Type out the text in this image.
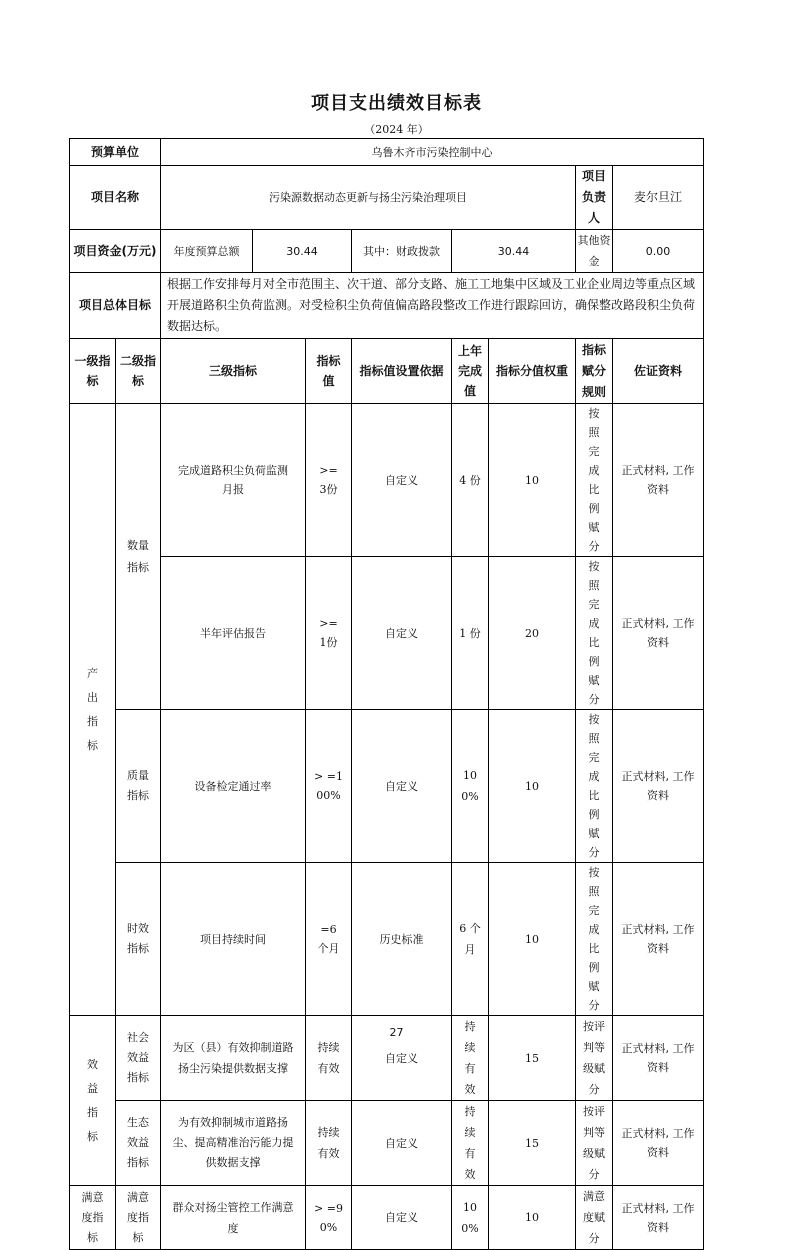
项目支出绩效目标表
（2024 年）
预算单位		乌鲁木齐市污染控制中心							
项目名称		污染源数据动态更新与扬尘污染治理项目						项目负责人	麦尔旦江
项目资金(万元)		年度预算总额	30.44		其中：财政拨款	30.44		其他资金	0.00
项目总体目标		根据工作安排每月对全市范围主、次干道、部分支路、施工工地集中区域及工业企业周边等重点区域开展道路积尘负荷监测。对受检积尘负荷值偏高路段整改工作进行跟踪回访，确保整改路段积尘负荷数据达标。							
一级指标	二级指标	三级指标		指标值	指标值设置依据	上年完成值	指标分值权重	指标赋分规则	佐证资料
产出指标	数量指标	完成道路积尘负荷监测月报		>=3份	自定义	4 份	10	按照完成比例赋分	正式材料, 工作资料
		半年评估报告		>=1份	自定义	1 份	20	按照完成比例赋分	正式材料, 工作资料
	质量指标	设备检定通过率		> =100%	自定义	100%	10	按照完成比例赋分	正式材料, 工作资料
	时效指标	项目持续时间		=6 个月	历史标准	6 个月	10	按照完成比例赋分	正式材料, 工作资料
效益指标	社会效益指标	为区（县）有效抑制道路扬尘污染提供数据支撑		持续有效	自定义	持续有效	15	按评判等级赋分	正式材料, 工作资料
	生态效益指标	为有效抑制城市道路扬尘、提高精准治污能力提供数据支撑		持续有效	自定义	持续有效	15	按评判等级赋分	正式材料, 工作资料
满意度指标	满意度指标	群众对扬尘管控工作满意度		> =90%	自定义	100%	10	满意度赋分	正式材料, 工作资料
27
